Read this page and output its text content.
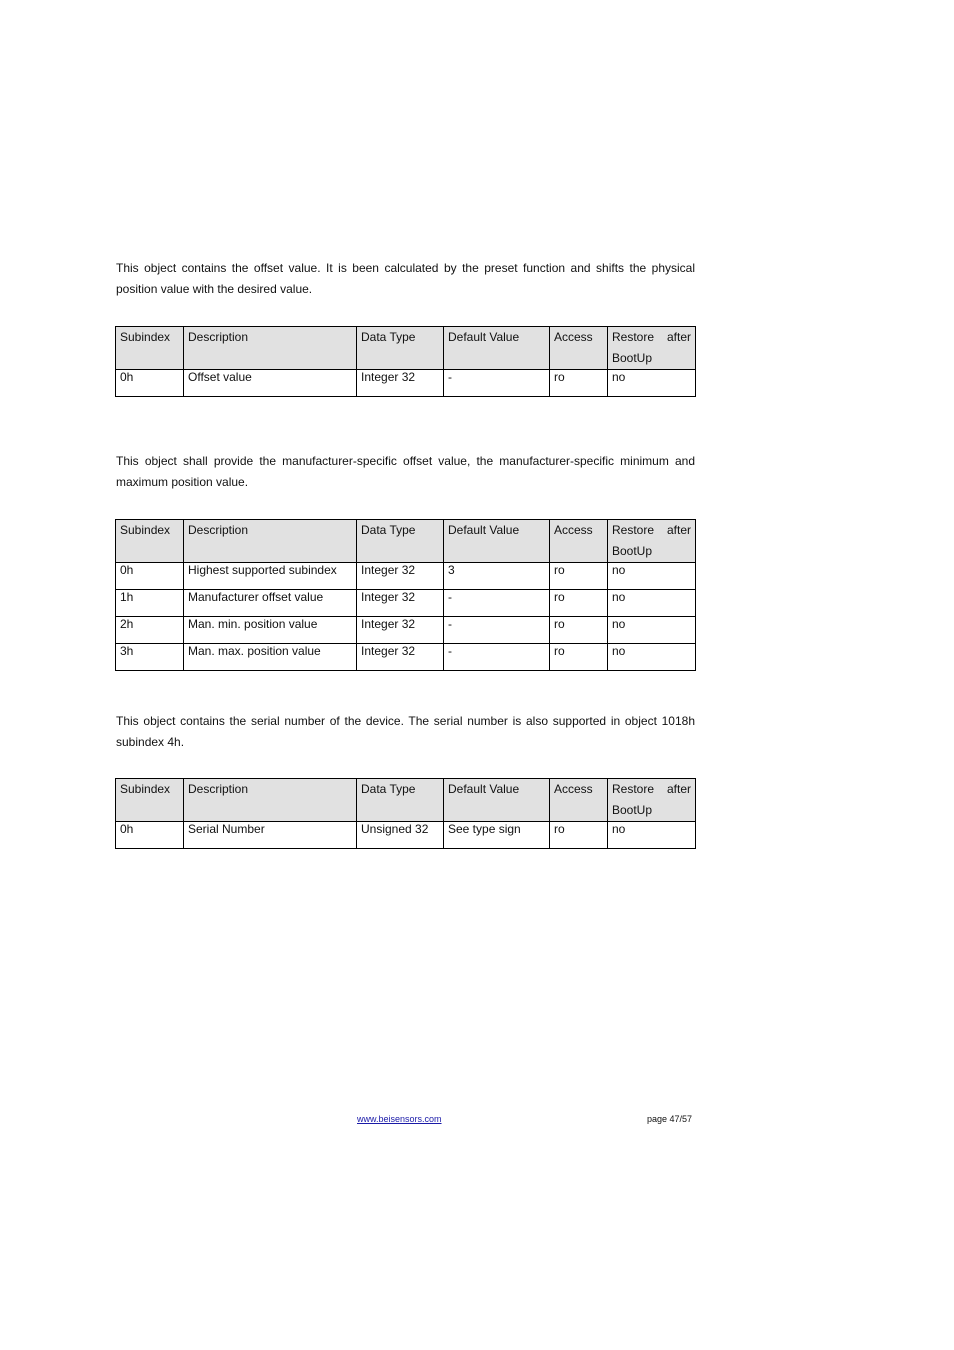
This object contains the offset value. It is been calculated by the preset function and shifts the physical position value with the desired value.

Subindex	Description	Data Type	Default Value	Access	Restore after
BootUp
0h	Offset value	Integer 32	-	ro	no

This object shall provide the manufacturer-specific offset value, the manufacturer-specific minimum and maximum position value.

Subindex	Description	Data Type	Default Value	Access	Restore after
BootUp
0h	Highest supported subindex	Integer 32	3	ro	no
1h	Manufacturer offset value	Integer 32	-	ro	no
2h	Man. min. position value	Integer 32	-	ro	no
3h	Man. max. position value	Integer 32	-	ro	no

This object contains the serial number of the device. The serial number is also supported in object 1018h subindex 4h.

Subindex	Description	Data Type	Default Value	Access	Restore after
BootUp
0h	Serial Number	Unsigned 32	See type sign	ro	no
www.beisensors.com	page 47/57
